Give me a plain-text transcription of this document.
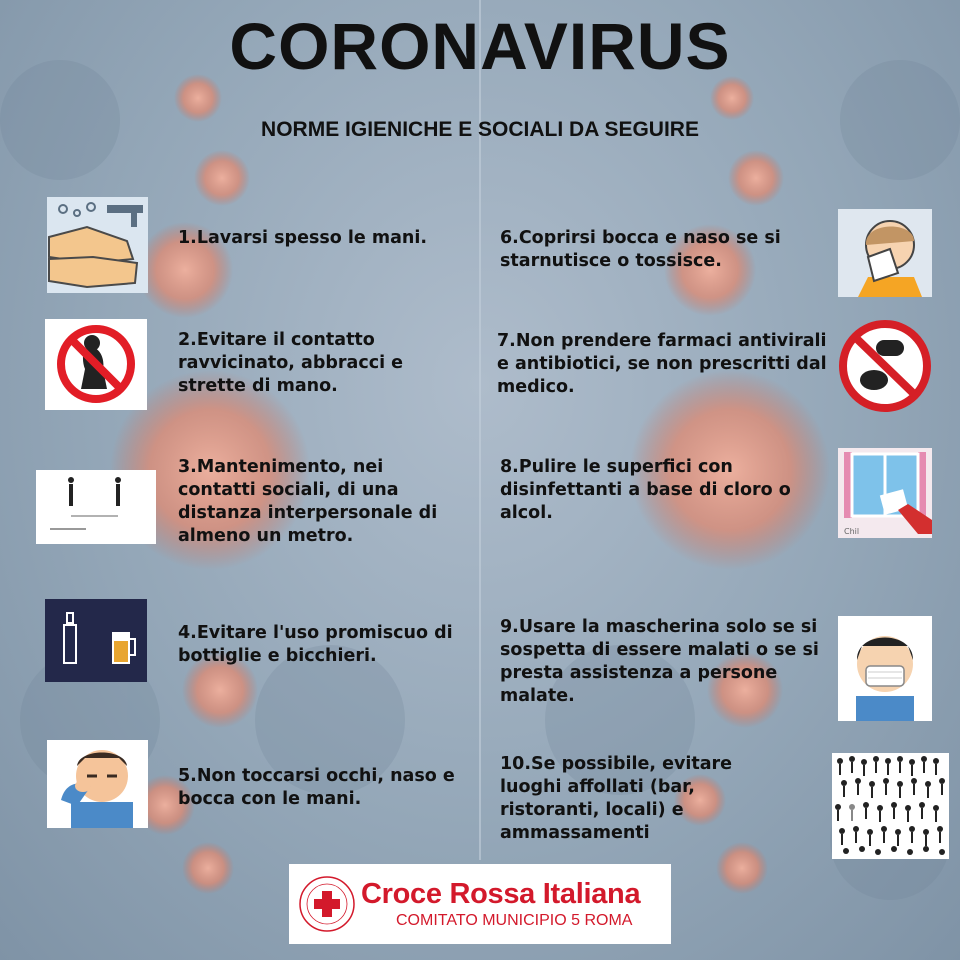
CORONAVIRUS
NORME IGIENICHE E SOCIALI DA SEGUIRE
Chil
1.Lavarsi spesso le mani.
2.Evitare il contatto ravvicinato, abbracci e strette di mano.
3.Mantenimento, nei contatti sociali, di una distanza interpersonale di almeno un metro.
4.Evitare l'uso promiscuo di bottiglie e bicchieri.
5.Non toccarsi occhi, naso e bocca con le mani.
6.Coprirsi bocca e naso se si starnutisce o tossisce.
7.Non prendere farmaci antivirali e antibiotici, se non prescritti dal medico.
8.Pulire le superfici con disinfettanti a base di cloro o alcol.
9.Usare la mascherina solo se si sospetta di essere malati o se si presta assistenza a persone malate.
10.Se possibile, evitare luoghi affollati (bar, ristoranti, locali) e ammassamenti
Croce Rossa Italiana
COMITATO MUNICIPIO 5 ROMA
